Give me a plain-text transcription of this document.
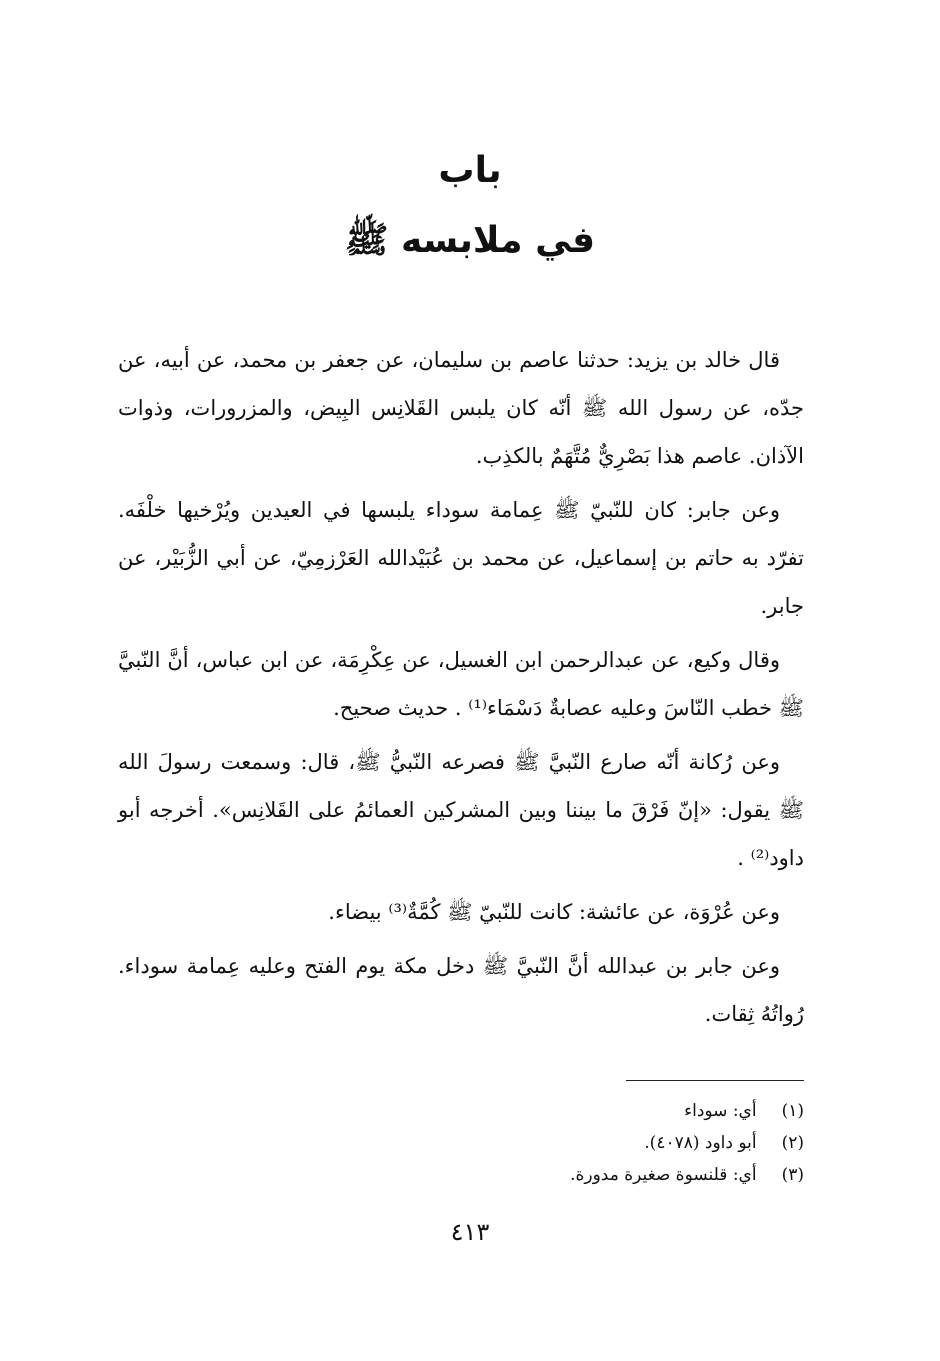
باب
في ملابسه ﷺ

قال خالد بن يزيد: حدثنا عاصم بن سليمان، عن جعفر بن محمد، عن أبيه، عن جدّه، عن رسول الله ﷺ أنّه كان يلبس القَلانِس البِيض، والمزرورات، وذوات الآذان. عاصم هذا بَصْرِيٌّ مُتَّهَمٌ بالكذِب.

وعن جابر: كان للنّبيّ ﷺ عِمامة سوداء يلبسها في العيدين ويُرْخيها خلْفَه. تفرّد به حاتم بن إسماعيل، عن محمد بن عُبَيْدالله العَرْزمِيّ، عن أبي الزُّبَيْر، عن جابر.

وقال وكيع، عن عبدالرحمن ابن الغسيل، عن عِكْرِمَة، عن ابن عباس، أنَّ النّبيَّ ﷺ خطب النّاسَ وعليه عصابةٌ دَسْمَاء⁽¹⁾ . حديث صحيح.

وعن رُكانة أنّه صارع النّبيَّ ﷺ فصرعه النّبيُّ ﷺ، قال: وسمعت رسولَ الله ﷺ يقول: «إنّ فَرْقَ ما بيننا وبين المشركين العمائمُ على القَلانِس». أخرجه أبو داود⁽²⁾ .

وعن عُرْوَة، عن عائشة: كانت للنّبيّ ﷺ كُمَّةٌ⁽³⁾ بيضاء.

وعن جابر بن عبدالله أنَّ النّبيَّ ﷺ دخل مكة يوم الفتح وعليه عِمامة سوداء. رُواتُهُ ثِقات.

(١) أي: سوداء
(٢) أبو داود (٤٠٧٨).
(٣) أي: قلنسوة صغيرة مدورة.
٤١٣
